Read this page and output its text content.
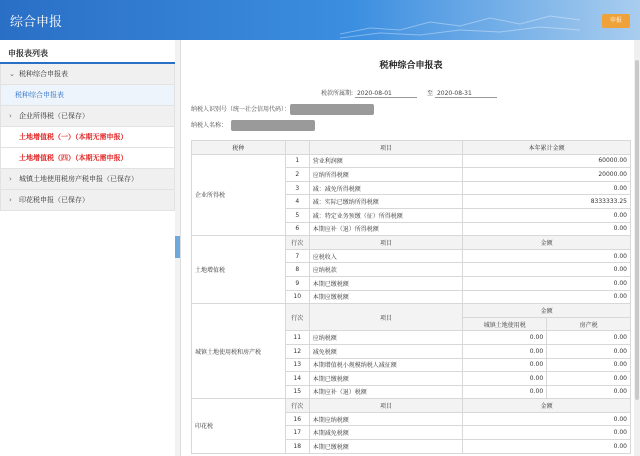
综合申报	申报
申报表列表
⌄ 税种综合申报表
税种综合申报表
› 企业所得税（已保存）
土地增值税（一）（本期无需申报）
土地增值税（四）（本期无需申报）
› 城镇土地使用税房产税申报（已保存）
› 印花税申报（已保存）
税种综合申报表
税款所属期: 2020-08-01	至 2020-08-31
纳税人识别号（统一社会信用代码）：
纳税人名称：
税种		项目	本年累计金额	
企业所得税	1	营业利润额	60000.00	
	2	应纳所得税额	20000.00	
	3	减：减免所得税额	0.00	
	4	减：实际已缴纳所得税额	8333333.25	
	5	减：特定业务预缴（征）所得税额	0.00	
	6	本期应补（退）所得税额	0.00	
土地增值税	行次	项目	金额	
	7	应税收入	0.00	
	8	应纳税款	0.00	
	9	本期已缴税额	0.00	
	10	本期应缴税额	0.00	
城镇土地使用税和房产税	行次	项目	金额	
			城镇土地使用税	房产税
	11	应纳税额	0.00	0.00
	12	减免税额	0.00	0.00
	13	本期增值税小规模纳税人减征额	0.00	0.00
	14	本期已缴税额	0.00	0.00
	15	本期应补（退）税额	0.00	0.00
印花税	行次	项目	金额	
	16	本期应纳税额	0.00	
	17	本期减免税额	0.00	
	18	本期已缴税额	0.00	
